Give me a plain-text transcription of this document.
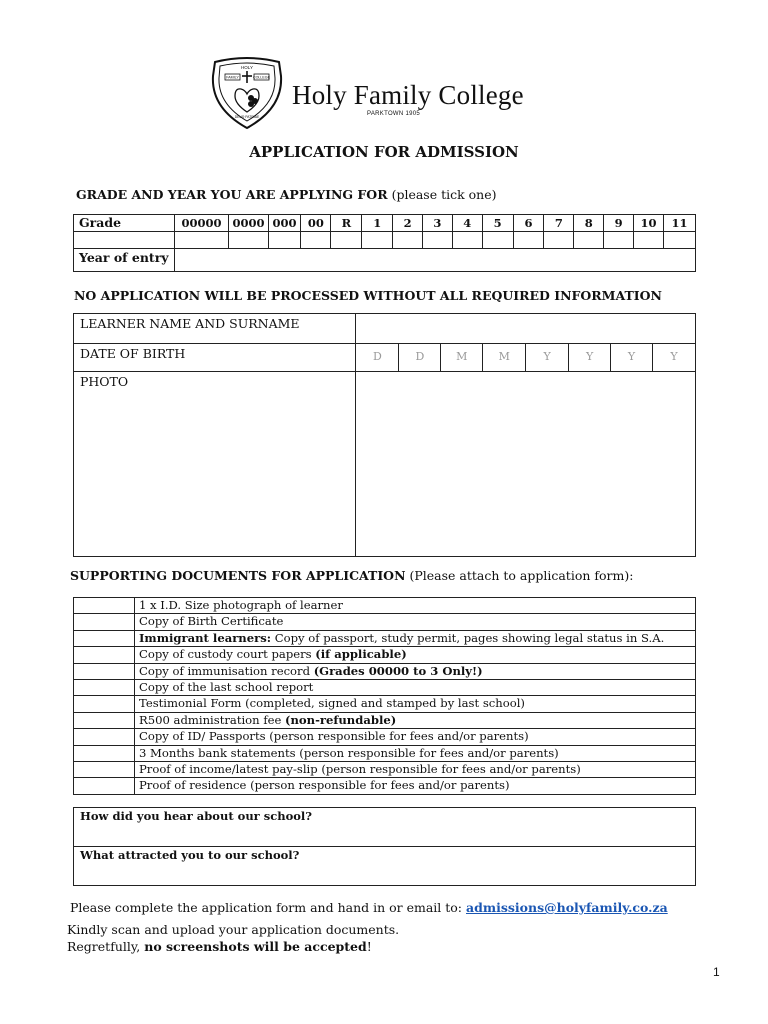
HOLY
FAMILY	COLLEGE
DEUS·PATRIAE
Holy Family College
PARKTOWN 1905
APPLICATION FOR ADMISSION
GRADE AND YEAR YOU ARE APPLYING FOR (please tick one)
Grade	00000	0000	000	00	R	1	2	3	4	5	6	7	8	9	10	11

Year of entry																
NO APPLICATION WILL BE PROCESSED WITHOUT ALL REQUIRED INFORMATION
LEARNER NAME AND SURNAME								
DATE OF BIRTH	D	D	M	M	Y	Y	Y	Y
PHOTO								
SUPPORTING DOCUMENTS FOR APPLICATION (Please attach to application form):
	1 x I.D. Size photograph of learner
	Copy of Birth Certificate
	Immigrant learners: Copy of passport, study permit, pages showing legal status in S.A.
	Copy of custody court papers (if applicable)
	Copy of immunisation record (Grades 00000 to 3 Only!)
	Copy of the last school report
	Testimonial Form (completed, signed and stamped by last school)
	R500 administration fee (non-refundable)
	Copy of ID/ Passports (person responsible for fees and/or parents)
	3 Months bank statements (person responsible for fees and/or parents)
	Proof of income/latest pay-slip (person responsible for fees and/or parents)
	Proof of residence (person responsible for fees and/or parents)
How did you hear about our school?
What attracted you to our school?
Please complete the application form and hand in or email to: admissions@holyfamily.co.za
Kindly scan and upload your application documents.
Regretfully, no screenshots will be accepted!
1
